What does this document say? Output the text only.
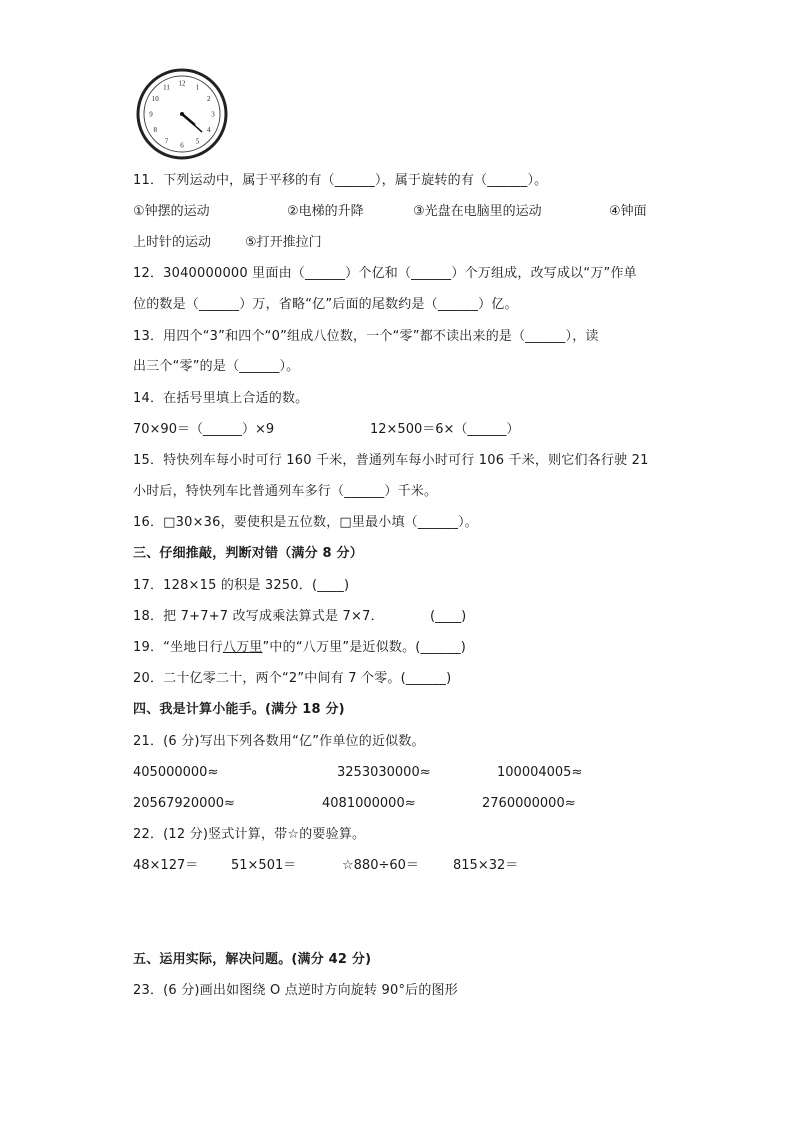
12
1
2
3
4
5
6
7
8
9
10
11
11．下列运动中，属于平移的有（______），属于旋转的有（______）。
①钟摆的运动	②电梯的升降	③光盘在电脑里的运动	④钟面
上时针的运动	⑤打开推拉门
12．3040000000 里面由（______）个亿和（______）个万组成，改写成以“万”作单
位的数是（______）万，省略“亿”后面的尾数约是（______）亿。
13．用四个“3”和四个“0”组成八位数，一个“零”都不读出来的是（______），读
出三个“零”的是（______）。
14．在括号里填上合适的数。
70×90＝（______）×9	12×500＝6×（______）
15．特快列车每小时可行 160 千米，普通列车每小时可行 106 千米，则它们各行驶 21
小时后，特快列车比普通列车多行（______）千米。
16．□30×36，要使积是五位数，□里最小填（______）。
三、仔细推敲，判断对错（满分 8 分）
17．128×15 的积是 3250．(____)
18．把 7+7+7 改写成乘法算式是 7×7．	(____)
19．“坐地日行八万里”中的“八万里”是近似数。(______)
20．二十亿零二十，两个“2”中间有 7 个零。(______)
四、我是计算小能手。(满分 18 分)
21．(6 分)写出下列各数用“亿”作单位的近似数。
405000000≈	3253030000≈	100004005≈
20567920000≈	4081000000≈	2760000000≈
22．(12 分)竖式计算，带☆的要验算。
48×127＝	51×501＝	☆880÷60＝	815×32＝
五、运用实际，解决问题。(满分 42 分)
23．(6 分)画出如图绕 O 点逆时方向旋转 90°后的图形
